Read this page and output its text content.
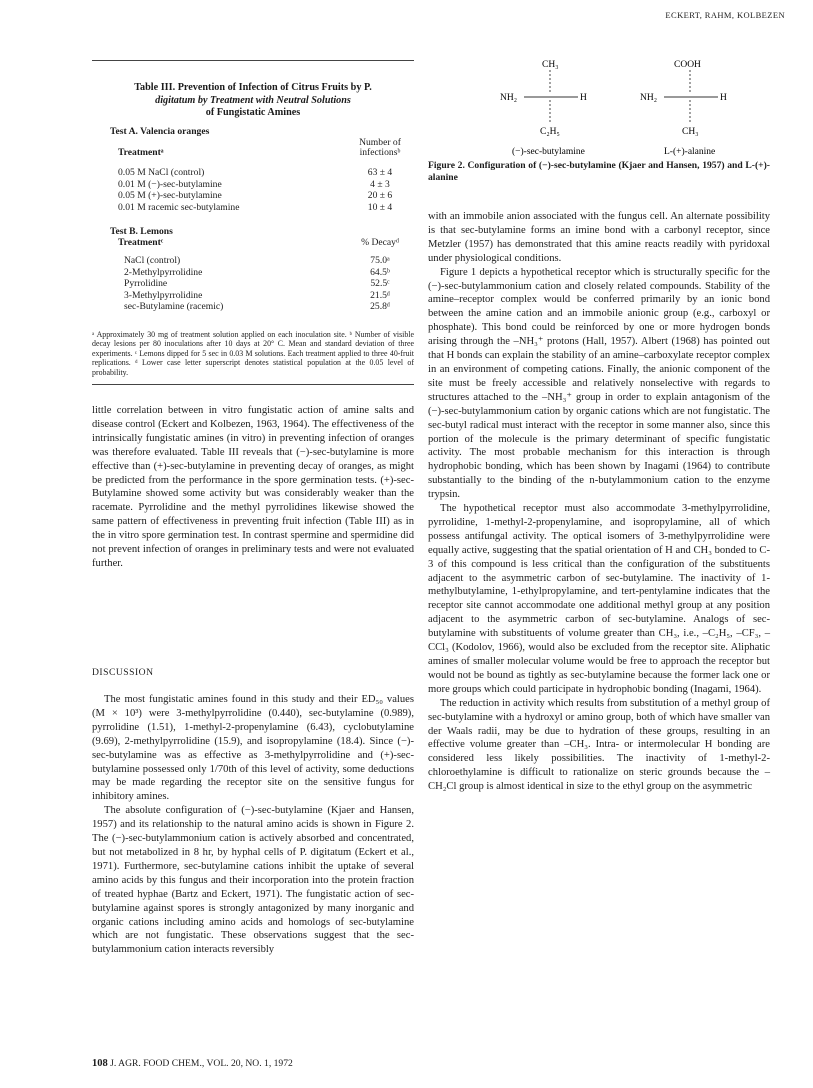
ECKERT, RAHM, KOLBEZEN
Table III. Prevention of Infection of Citrus Fruits by P.
digitatum by Treatment with Neutral Solutions
of Fungistatic Amines
Test A. Valencia oranges
Number of
Treatmentᵃ	infectionsᵇ
0.05 M NaCl (control)	63 ± 4
0.01 M (−)-sec-butylamine	4 ± 3
0.05 M (+)-sec-butylamine	20 ± 6
0.01 M racemic sec-butylamine	10 ± 4
Test B. Lemons
Treatmentᶜ	% Decayᵈ
NaCl (control)	75.0ᵃ
2-Methylpyrrolidine	64.5ᵇ
Pyrrolidine	52.5ᶜ
3-Methylpyrrolidine	21.5ᵈ
sec-Butylamine (racemic)	25.8ᵈ
ᵃ Approximately 30 mg of treatment solution applied on each inoculation site. ᵇ Number of visible decay lesions per 80 inoculations after 10 days at 20° C. Mean and standard deviation of three experiments. ᶜ Lemons dipped for 5 sec in 0.03 M solutions. Each treatment applied to three 40-fruit replications. ᵈ Lower case letter superscript denotes statistical population at the 0.05 level of probability.

little correlation between in vitro fungistatic action of amine salts and disease control (Eckert and Kolbezen, 1963, 1964). The effectiveness of the intrinsically fungistatic amines (in vitro) in preventing infection of oranges was therefore evaluated. Table III reveals that (−)-sec-butylamine is more effective than (+)-sec-butylamine in preventing decay of oranges, as might be predicted from the performance in the spore germination tests. (+)-sec-Butylamine showed some activity but was considerably weaker than the racemate. Pyrrolidine and the methyl pyrrolidines likewise showed the same pattern of effectiveness in preventing fruit infection (Table III) as in the in vitro spore germination test. In contrast spermine and spermidine did not prevent infection of oranges in preliminary tests and were not evaluated further.

DISCUSSION

The most fungistatic amines found in this study and their ED₅₀ values (M × 10³) were 3-methylpyrrolidine (0.440), sec-butylamine (0.989), pyrrolidine (1.51), 1-methyl-2-propenylamine (6.43), cyclobutylamine (9.69), 2-methylpyrrolidine (15.9), and isopropylamine (18.4). Since (−)-sec-butylamine was as effective as 3-methylpyrrolidine and (+)-sec-butylamine possessed only 1/70th of this level of activity, some deductions may be made regarding the receptor site on the sensitive fungus for inhibitory amines.

The absolute configuration of (−)-sec-butylamine (Kjaer and Hansen, 1957) and its relationship to the natural amino acids is shown in Figure 2. The (−)-sec-butylammonium cation is actively absorbed and concentrated, but not metabolized in 8 hr, by hyphal cells of P. digitatum (Eckert et al., 1971). Furthermore, sec-butylamine cations inhibit the uptake of several amino acids by this fungus and their incorporation into the protein fraction of treated hyphae (Bartz and Eckert, 1971). The fungistatic action of sec-butylamine against spores is strongly antagonized by many inorganic and organic cations including amino acids and homologs of sec-butylamine which are not fungistatic. These observations suggest that the sec-butylammonium cation interacts reversibly

CH₃
NH₂	H
C₂H₅
(−)-sec-butylamine
COOH
NH₂	H
CH₃
L-(+)-alanine
Figure 2. Configuration of (−)-sec-butylamine (Kjaer and Hansen, 1957) and L-(+)-alanine

with an immobile anion associated with the fungus cell. An alternate possibility is that sec-butylamine forms an imine bond with a carbonyl receptor, since Metzler (1957) has demonstrated that this amine reacts readily with pyridoxal under physiological conditions.

Figure 1 depicts a hypothetical receptor which is structurally specific for the (−)-sec-butylammonium cation and closely related compounds. Stability of the amine–receptor complex would be conferred primarily by an ionic bond between the amine cation and an immobile anionic group (e.g., carboxyl or phosphate). This bond could be reinforced by one or more hydrogen bonds arising through the –NH₃⁺ protons (Hall, 1957). Albert (1968) has pointed out that H bonds can explain the stability of an amine–carboxylate receptor complex in an environment of competing cations. Finally, the anionic component of the site must be freely accessible and relatively nonselective with regards to structures attached to the –NH₃⁺ group in order to explain antagonism of the (−)-sec-butylammonium cation by organic cations which are not fungistatic. The sec-butyl radical must interact with the receptor in some manner also, since this portion of the molecule is the primary determinant of specific fungistatic activity. The most probable mechanism for this interaction is through hydrophobic bonding, which has been shown by Inagami (1964) to contribute substantially to the binding of the n-butylammonium cation to the enzyme trypsin.

The hypothetical receptor must also accommodate 3-methylpyrrolidine, pyrrolidine, 1-methyl-2-propenylamine, and isopropylamine, all of which possess antifungal activity. The optical isomers of 3-methylpyrrolidine were equally active, suggesting that the spatial orientation of H and CH₃ bonded to C-3 of this compound is less critical than the configuration of the substituents adjacent to the asymmetric carbon of sec-butylamine. The inactivity of 1-methylbutylamine, 1-ethylpropylamine, and tert-pentylamine indicates that the receptor site cannot accommodate one additional methyl group at any position adjacent to the asymmetric carbon of sec-butylamine. Analogs of sec-butylamine with substituents of volume greater than CH₃, i.e., –C₂H₅, –CF₃, –CCl₃ (Kodolov, 1966), would also be excluded from the receptor site. Aliphatic amines of smaller molecular volume would be free to approach the receptor but would not be bound as tightly as sec-butylamine because the former lack one or more groups which could participate in hydrophobic bonding (Inagami, 1964).

The reduction in activity which results from substitution of a methyl group of sec-butylamine with a hydroxyl or amino group, both of which have smaller van der Waals radii, may be due to hydration of these groups, resulting in an effective volume greater than –CH₃. Intra- or intermolecular H bonding are considered less likely possibilities. The inactivity of 1-methyl-2-chloroethylamine is difficult to rationalize on steric grounds because the –CH₂Cl group is almost identical in size to the ethyl group on the asymmetric

108 J. AGR. FOOD CHEM., VOL. 20, NO. 1, 1972
